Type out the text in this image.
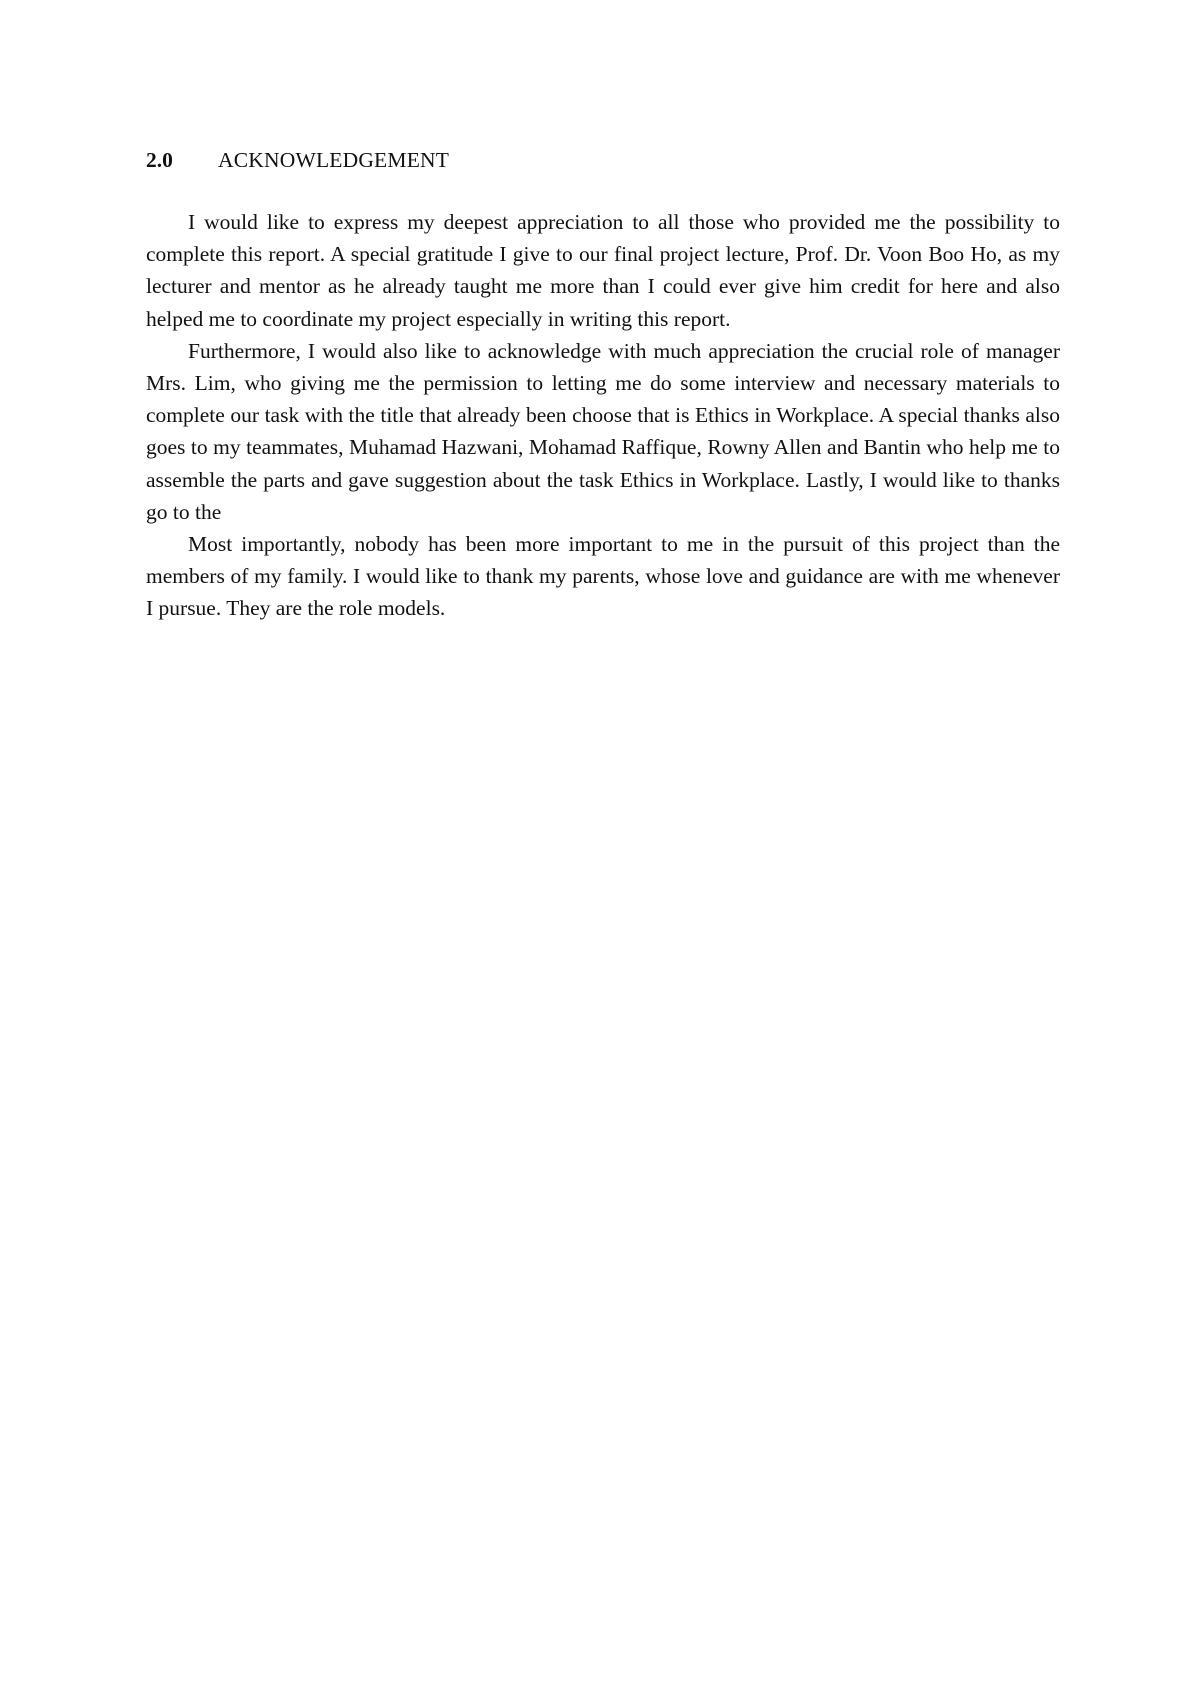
2.0	ACKNOWLEDGEMENT

I would like to express my deepest appreciation to all those who provided me the possibility to complete this report. A special gratitude I give to our final project lecture, Prof. Dr. Voon Boo Ho, as my lecturer and mentor as he already taught me more than I could ever give him credit for here and also helped me to coordinate my project especially in writing this report.

Furthermore, I would also like to acknowledge with much appreciation the crucial role of manager Mrs. Lim, who giving me the permission to letting me do some interview and necessary materials to complete our task with the title that already been choose that is Ethics in Workplace. A special thanks also goes to my teammates, Muhamad Hazwani, Mohamad Raffique, Rowny Allen and Bantin who help me to assemble the parts and gave suggestion about the task Ethics in Workplace. Lastly, I would like to thanks go to the

Most importantly, nobody has been more important to me in the pursuit of this project than the members of my family. I would like to thank my parents, whose love and guidance are with me whenever I pursue. They are the role models.
